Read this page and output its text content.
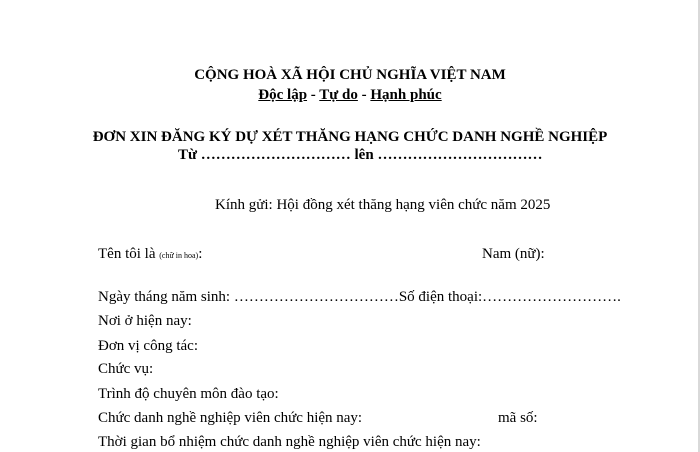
CỘNG HOÀ XÃ HỘI CHỦ NGHĨA VIỆT NAM
Độc lập - Tự do - Hạnh phúc
ĐƠN XIN ĐĂNG KÝ DỰ XÉT THĂNG HẠNG CHỨC DANH NGHỀ NGHIỆP
Từ ………………………… lên ……………………………
Kính gửi: Hội đồng xét thăng hạng viên chức năm 2025
Tên tôi là (chữ in hoa):	Nam (nữ):
Ngày tháng năm sinh: ……………………………Số điện thoại:……………………….
Nơi ở hiện nay:
Đơn vị công tác:
Chức vụ:
Trình độ chuyên môn đào tạo:
Chức danh nghề nghiệp viên chức hiện nay:	mã số:
Thời gian bổ nhiệm chức danh nghề nghiệp viên chức hiện nay:
